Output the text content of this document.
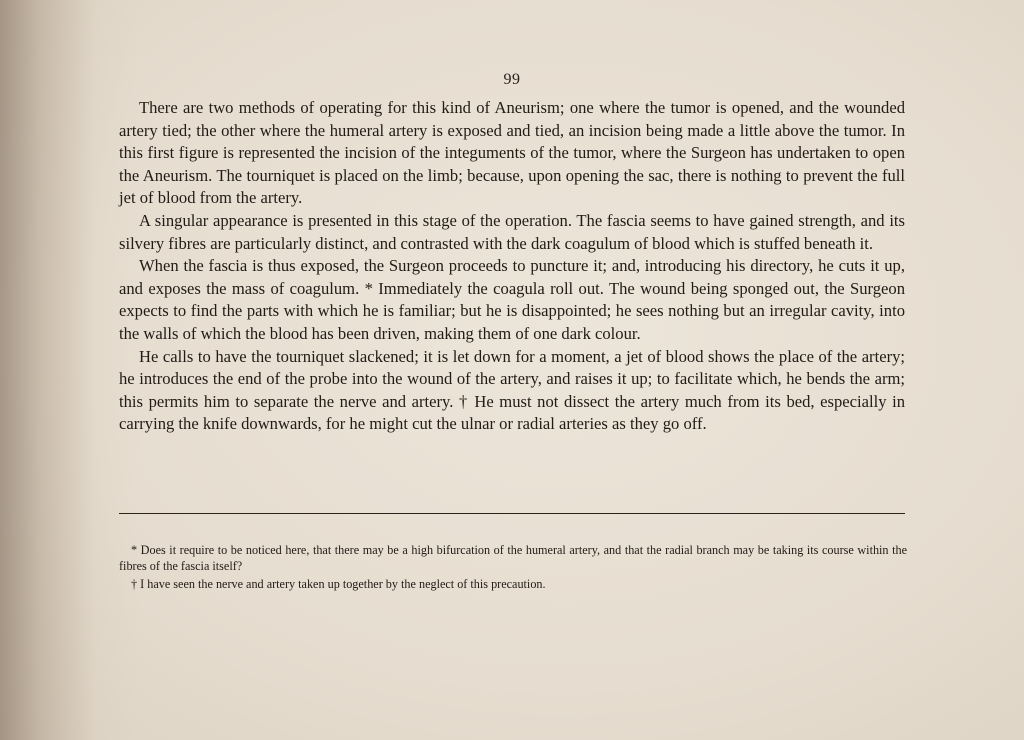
99

There are two methods of operating for this kind of Aneurism; one where the tumor is opened, and the wounded artery tied; the other where the humeral artery is exposed and tied, an incision being made a little above the tumor. In this first figure is represented the incision of the integuments of the tumor, where the Surgeon has undertaken to open the Aneurism. The tourniquet is placed on the limb; because, upon opening the sac, there is nothing to prevent the full jet of blood from the artery.

A singular appearance is presented in this stage of the operation. The fascia seems to have gained strength, and its silvery fibres are particularly distinct, and contrasted with the dark coagulum of blood which is stuffed beneath it.

When the fascia is thus exposed, the Surgeon proceeds to puncture it; and, introducing his directory, he cuts it up, and exposes the mass of coagulum. * Immediately the coagula roll out. The wound being sponged out, the Surgeon expects to find the parts with which he is familiar; but he is disappointed; he sees nothing but an irregular cavity, into the walls of which the blood has been driven, making them of one dark colour.

He calls to have the tourniquet slackened; it is let down for a moment, a jet of blood shows the place of the artery; he introduces the end of the probe into the wound of the artery, and raises it up; to facilitate which, he bends the arm; this permits him to separate the nerve and artery. † He must not dissect the artery much from its bed, especially in carrying the knife downwards, for he might cut the ulnar or radial arteries as they go off.

* Does it require to be noticed here, that there may be a high bifurcation of the humeral artery, and that the radial branch may be taking its course within the fibres of the fascia itself?

† I have seen the nerve and artery taken up together by the neglect of this precaution.
